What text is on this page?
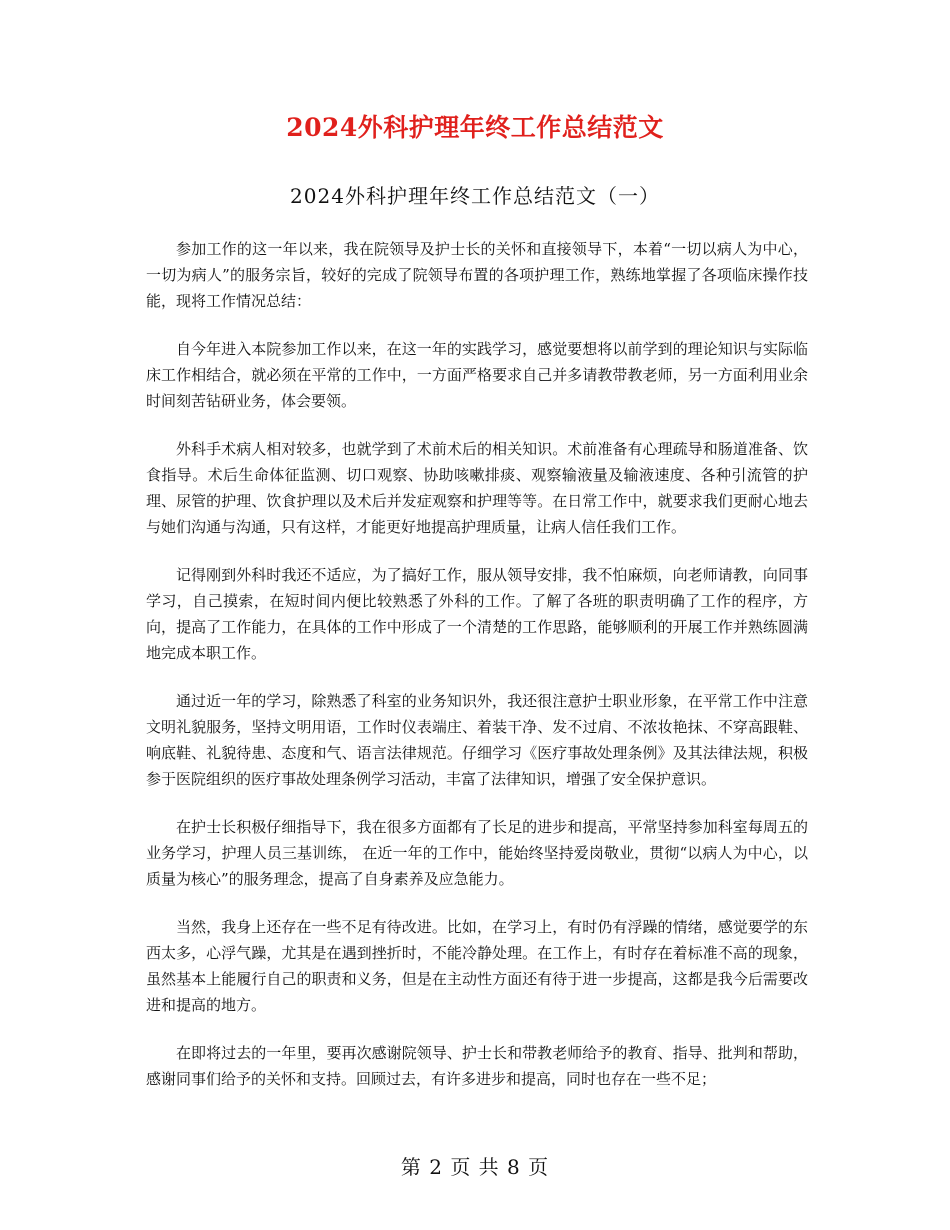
2024外科护理年终工作总结范文
2024外科护理年终工作总结范文（一）

参加工作的这一年以来，我在院领导及护士长的关怀和直接领导下，本着“一切以病人为中心，一切为病人”的服务宗旨，较好的完成了院领导布置的各项护理工作，熟练地掌握了各项临床操作技能，现将工作情况总结：

自今年进入本院参加工作以来，在这一年的实践学习，感觉要想将以前学到的理论知识与实际临床工作相结合，就必须在平常的工作中，一方面严格要求自己并多请教带教老师，另一方面利用业余时间刻苦钻研业务，体会要领。

外科手术病人相对较多，也就学到了术前术后的相关知识。术前准备有心理疏导和肠道准备、饮食指导。术后生命体征监测、切口观察、协助咳嗽排痰、观察输液量及输液速度、各种引流管的护理、尿管的护理、饮食护理以及术后并发症观察和护理等等。在日常工作中，就要求我们更耐心地去与她们沟通与沟通，只有这样，才能更好地提高护理质量，让病人信任我们工作。

记得刚到外科时我还不适应，为了搞好工作，服从领导安排，我不怕麻烦，向老师请教，向同事学习，自己摸索，在短时间内便比较熟悉了外科的工作。了解了各班的职责明确了工作的程序，方向，提高了工作能力，在具体的工作中形成了一个清楚的工作思路，能够顺利的开展工作并熟练圆满地完成本职工作。

通过近一年的学习，除熟悉了科室的业务知识外，我还很注意护士职业形象，在平常工作中注意文明礼貌服务，坚持文明用语，工作时仪表端庄、着装干净、发不过肩、不浓妆艳抹、不穿高跟鞋、响底鞋、礼貌待患、态度和气、语言法律规范。仔细学习《医疗事故处理条例》及其法律法规，积极参于医院组织的医疗事故处理条例学习活动，丰富了法律知识，增强了安全保护意识。

在护士长积极仔细指导下，我在很多方面都有了长足的进步和提高，平常坚持参加科室每周五的业务学习，护理人员三基训练， 在近一年的工作中，能始终坚持爱岗敬业，贯彻“以病人为中心，以质量为核心”的服务理念，提高了自身素养及应急能力。

当然，我身上还存在一些不足有待改进。比如，在学习上，有时仍有浮躁的情绪，感觉要学的东西太多，心浮气躁，尤其是在遇到挫折时，不能冷静处理。在工作上，有时存在着标准不高的现象，虽然基本上能履行自己的职责和义务，但是在主动性方面还有待于进一步提高，这都是我今后需要改进和提高的地方。

在即将过去的一年里，要再次感谢院领导、护士长和带教老师给予的教育、指导、批判和帮助，感谢同事们给予的关怀和支持。回顾过去，有许多进步和提高，同时也存在一些不足；

第 2 页 共 8 页
